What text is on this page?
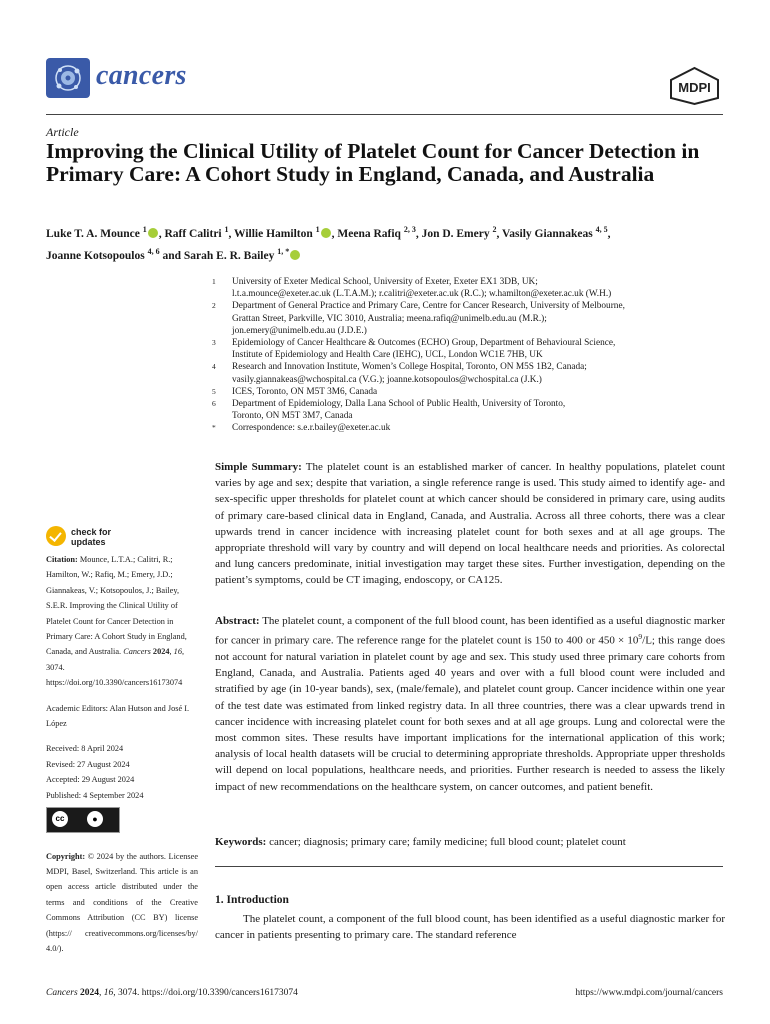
cancers	MDPI
Article
Improving the Clinical Utility of Platelet Count for Cancer Detection in Primary Care: A Cohort Study in England, Canada, and Australia
Luke T. A. Mounce $^1$ , Raff Calitri $^1$, Willie Hamilton $^1$ , Meena Rafiq $^{2, 3}$, Jon D. Emery $^2$, Vasily Giannakeas $^{4, 5}$,
Joanne Kotsopoulos $^{4, 6}$ and Sarah E. R. Bailey $^{1, *}$
1	University of Exeter Medical School, University of Exeter, Exeter EX1 3DB, UK;
l.t.a.mounce@exeter.ac.uk (L.T.A.M.); r.calitri@exeter.ac.uk (R.C.); w.hamilton@exeter.ac.uk (W.H.)
2	Department of General Practice and Primary Care, Centre for Cancer Research, University of Melbourne,
Grattan Street, Parkville, VIC 3010, Australia; meena.rafiq@unimelb.edu.au (M.R.);
jon.emery@unimelb.edu.au (J.D.E.)
3	Epidemiology of Cancer Healthcare & Outcomes (ECHO) Group, Department of Behavioural Science,
Institute of Epidemiology and Health Care (IEHC), UCL, London WC1E 7HB, UK
4	Research and Innovation Institute, Women’s College Hospital, Toronto, ON M5S 1B2, Canada;
vasily.giannakeas@wchospital.ca (V.G.); joanne.kotsopoulos@wchospital.ca (J.K.)
5	ICES, Toronto, ON M5T 3M6, Canada
6	Department of Epidemiology, Dalla Lana School of Public Health, University of Toronto,
Toronto, ON M5T 3M7, Canada
*	Correspondence: s.e.r.bailey@exeter.ac.uk
check for
updates

Citation: Mounce, L.T.A.; Calitri, R.; Hamilton, W.; Rafiq, M.; Emery, J.D.; Giannakeas, V.; Kotsopoulos, J.; Bailey, S.E.R. Improving the Clinical Utility of Platelet Count for Cancer Detection in Primary Care: A Cohort Study in England, Canada, and Australia. Cancers 2024, 16, 3074. https://doi.org/10.3390/cancers16173074

Academic Editors: Alan Hutson and José I. López

Received: 8 April 2024

Revised: 27 August 2024

Accepted: 29 August 2024

Published: 4 September 2024

cc	●
BY

Copyright: © 2024 by the authors. Licensee MDPI, Basel, Switzerland. This article is an open access article distributed under the terms and conditions of the Creative Commons Attribution (CC BY) license (https:// creativecommons.org/licenses/by/ 4.0/).

Simple Summary: The platelet count is an established marker of cancer. In healthy populations, platelet count varies by age and sex; despite that variation, a single reference range is used. This study aimed to identify age- and sex-specific upper thresholds for platelet count at which cancer should be considered in primary care, using audits of primary care-based clinical data in England, Canada, and Australia. Across all three cohorts, there was a clear upwards trend in cancer incidence with increasing platelet count for both sexes and at all age groups. The appropriate threshold will vary by country and will depend on local healthcare needs and priorities. As colorectal and lung cancers predominate, initial investigation may target these sites. Further investigation, depending on the patient’s symptoms, could be CT imaging, endoscopy, or CA125.
Abstract: The platelet count, a component of the full blood count, has been identified as a useful diagnostic marker for cancer in primary care. The reference range for the platelet count is 150 to 400 or $450 \times 10^9/L$; this range does not account for natural variation in platelet count by age and sex. This study used three primary care cohorts from England, Canada, and Australia. Patients aged 40 years and over with a full blood count were included and stratified by age (in 10-year bands), sex, (male/female), and platelet count group. Cancer incidence within one year of the test date was estimated from linked registry data. In all three countries, there was a clear upwards trend in cancer incidence with increasing platelet count for both sexes and at all age groups. Lung and colorectal were the most common sites. These results have important implications for the international application of this work; analysis of local health datasets will be crucial to determining appropriate thresholds. Appropriate upper thresholds will depend on local populations, healthcare needs, and priorities. Further research is needed to assess the likely impact of new recommendations on the healthcare system, on cancer outcomes, and patient benefit.
Keywords: cancer; diagnosis; primary care; family medicine; full blood count; platelet count
1. Introduction
The platelet count, a component of the full blood count, has been identified as a useful diagnostic marker for cancer in patients presenting to primary care. The standard reference
Cancers 2024, 16, 3074. https://doi.org/10.3390/cancers16173074	https://www.mdpi.com/journal/cancers
